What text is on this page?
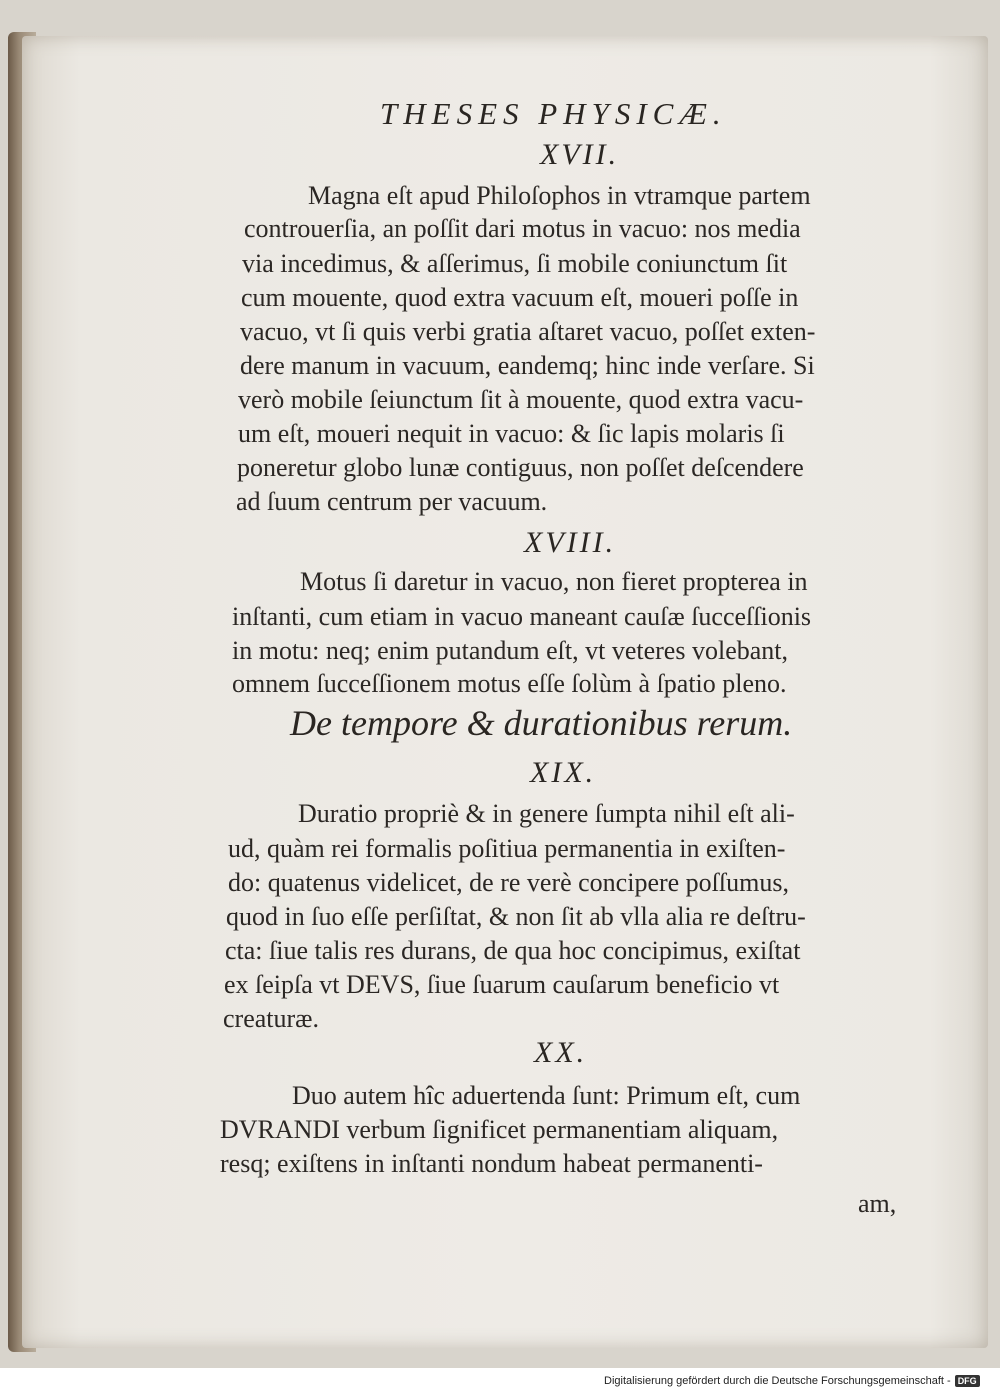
THESES PHYSICÆ.
XVII.
Magna eſt apud Philoſophos in vtramque partem
controuerſia, an poſſit dari motus in vacuo: nos media
via incedimus, & aſſerimus, ſi mobile coniunctum ſit
cum mouente, quod extra vacuum eſt, moueri poſſe in
vacuo, vt ſi quis verbi gratia aſtaret vacuo, poſſet exten-
dere manum in vacuum, eandemq; hinc inde verſare. Si
verò mobile ſeiunctum ſit à mouente, quod extra vacu-
um eſt, moueri nequit in vacuo: & ſic lapis molaris ſi
poneretur globo lunæ contiguus, non poſſet deſcendere
ad ſuum centrum per vacuum.
XVIII.
Motus ſi daretur in vacuo, non fieret propterea in
inſtanti, cum etiam in vacuo maneant cauſæ ſucceſſionis
in motu: neq; enim putandum eſt, vt veteres volebant,
omnem ſucceſſionem motus eſſe ſolùm à ſpatio pleno.
De tempore & durationibus rerum.
XIX.
Duratio propriè & in genere ſumpta nihil eſt ali-
ud, quàm rei formalis poſitiua permanentia in exiſten-
do: quatenus videlicet, de re verè concipere poſſumus,
quod in ſuo eſſe perſiſtat, & non ſit ab vlla alia re deſtru-
cta: ſiue talis res durans, de qua hoc concipimus, exiſtat
ex ſeipſa vt DEVS, ſiue ſuarum cauſarum beneficio vt
creaturæ.
XX.
Duo autem hîc aduertenda ſunt: Primum eſt, cum
DVRANDI verbum ſignificet permanentiam aliquam,
resq; exiſtens in inſtanti nondum habeat permanenti-
am,
Digitalisierung gefördert durch die Deutsche Forschungsgemeinschaft - DFG
